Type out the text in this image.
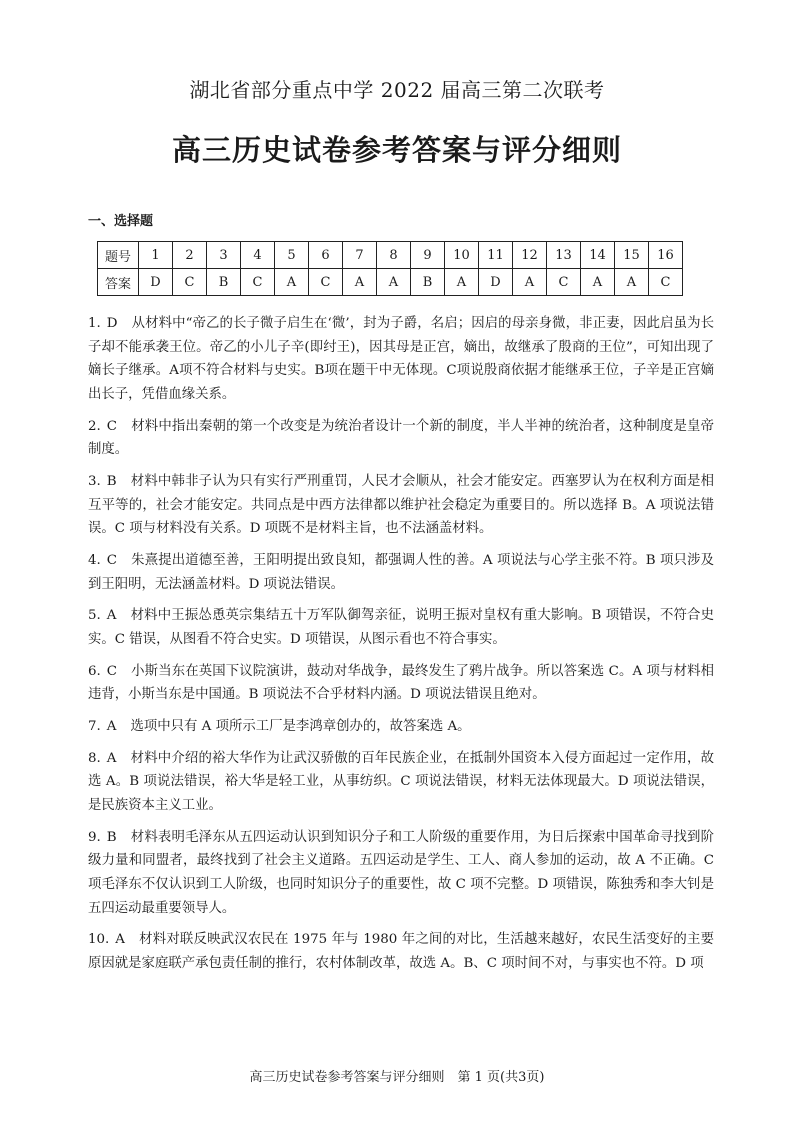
湖北省部分重点中学 2022 届高三第二次联考
高三历史试卷参考答案与评分细则
一、选择题
题号	1	2	3	4	5	6	7	8	9	10	11	12	13	14	15	16
答案	D	C	B	C	A	C	A	A	B	A	D	A	C	A	A	C
1. D 从材料中“帝乙的长子微子启生在‘微’，封为子爵，名启；因启的母亲身微，非正妻，因此启虽为长子却不能承袭王位。帝乙的小儿子辛(即纣王)，因其母是正宫，嫡出，故继承了殷商的王位”，可知出现了嫡长子继承。A项不符合材料与史实。B项在题干中无体现。C项说殷商依据才能继承王位，子辛是正宫嫡出长子，凭借血缘关系。
2. C 材料中指出秦朝的第一个改变是为统治者设计一个新的制度，半人半神的统治者，这种制度是皇帝制度。
3. B 材料中韩非子认为只有实行严刑重罚，人民才会顺从，社会才能安定。西塞罗认为在权利方面是相互平等的，社会才能安定。共同点是中西方法律都以维护社会稳定为重要目的。所以选择 B。A 项说法错误。C 项与材料没有关系。D 项既不是材料主旨，也不法涵盖材料。
4. C 朱熹提出道德至善，王阳明提出致良知，都强调人性的善。A 项说法与心学主张不符。B 项只涉及到王阳明，无法涵盖材料。D 项说法错误。
5. A 材料中王振怂恿英宗集结五十万军队御驾亲征，说明王振对皇权有重大影响。B 项错误，不符合史实。C 错误，从图看不符合史实。D 项错误，从图示看也不符合事实。
6. C 小斯当东在英国下议院演讲，鼓动对华战争，最终发生了鸦片战争。所以答案选 C。A 项与材料相违背，小斯当东是中国通。B 项说法不合乎材料内涵。D 项说法错误且绝对。
7. A 选项中只有 A 项所示工厂是李鸿章创办的，故答案选 A。
8. A 材料中介绍的裕大华作为让武汉骄傲的百年民族企业，在抵制外国资本入侵方面起过一定作用，故选 A。B 项说法错误，裕大华是轻工业，从事纺织。C 项说法错误，材料无法体现最大。D 项说法错误，是民族资本主义工业。
9. B 材料表明毛泽东从五四运动认识到知识分子和工人阶级的重要作用，为日后探索中国革命寻找到阶级力量和同盟者，最终找到了社会主义道路。五四运动是学生、工人、商人参加的运动，故 A 不正确。C 项毛泽东不仅认识到工人阶级，也同时知识分子的重要性，故 C 项不完整。D 项错误，陈独秀和李大钊是五四运动最重要领导人。
10. A 材料对联反映武汉农民在 1975 年与 1980 年之间的对比，生活越来越好，农民生活变好的主要原因就是家庭联产承包责任制的推行，农村体制改革，故选 A。B、C 项时间不对，与事实也不符。D 项
高三历史试卷参考答案与评分细则　第 1 页(共3页)
